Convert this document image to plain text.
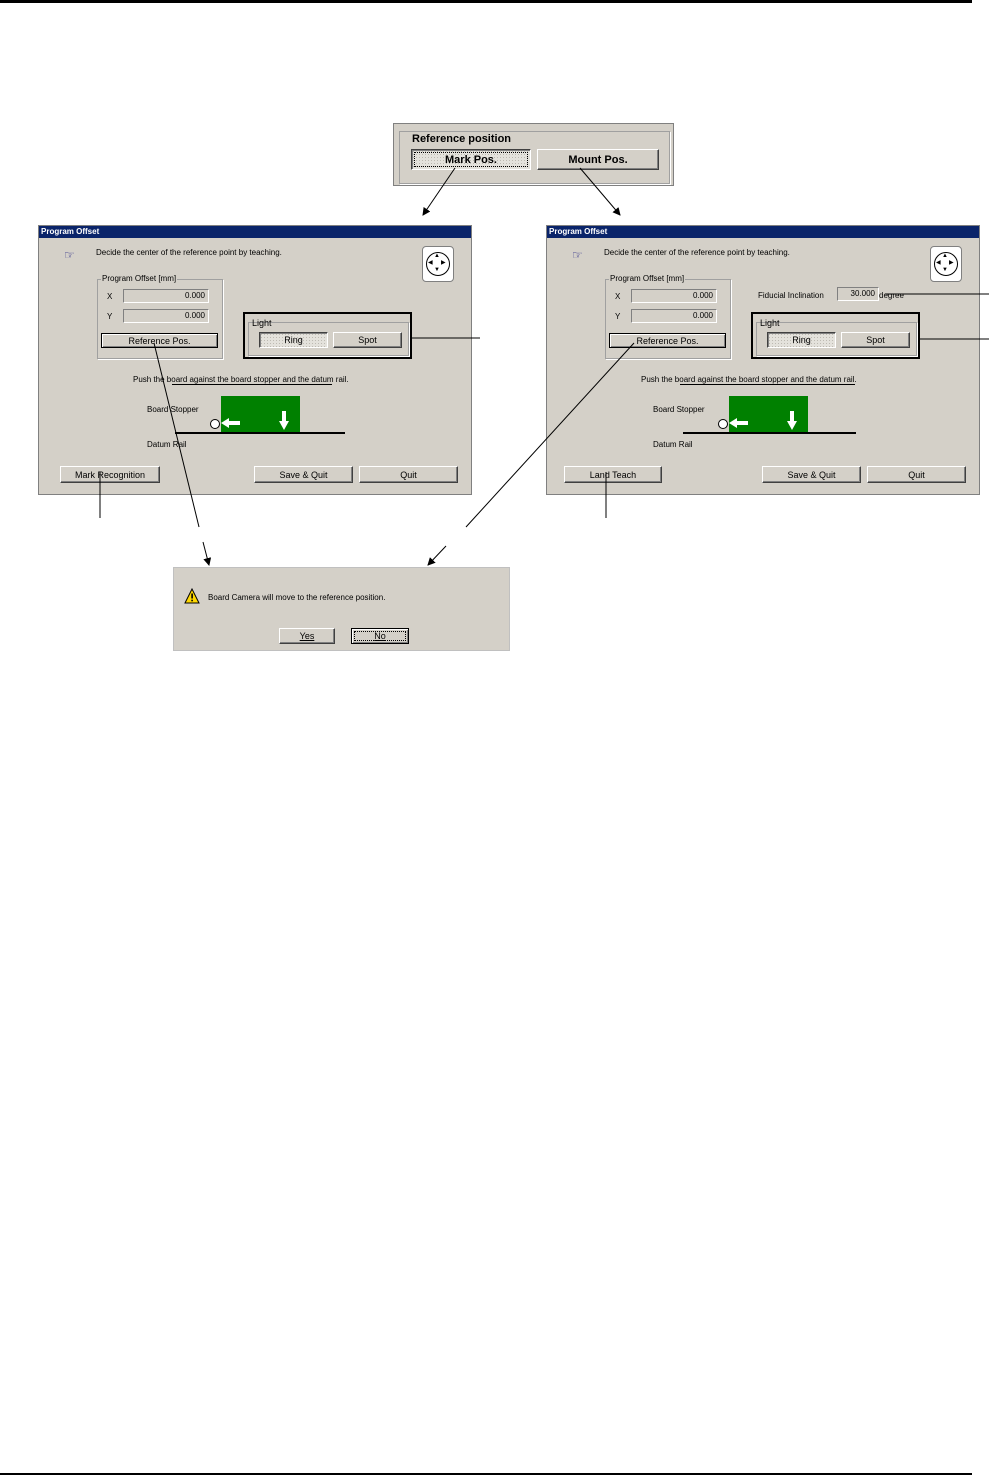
Reference position
Mark Pos.	Mount Pos.
Program Offset
☞	Decide the center of the reference point by teaching.	▲
▼
◀ ▶
Program Offset [mm]
X	0.000
Y	0.000
Reference Pos.
Light
Ring	Spot
Push the board against the board stopper and the datum rail.
Board Stopper
Datum Rail
Mark Recognition	Save & Quit	Quit
Program Offset
☞	Decide the center of the reference point by teaching.	▲
▼
◀ ▶
Program Offset [mm]
X	0.000
Y	0.000
Reference Pos.
Fiducial Inclination	30.000 degree
Light
Ring	Spot
Push the board against the board stopper and the datum rail.
Board Stopper
Datum Rail
Land Teach	Save & Quit	Quit
Board Camera will move to the reference position.
Yes	No
